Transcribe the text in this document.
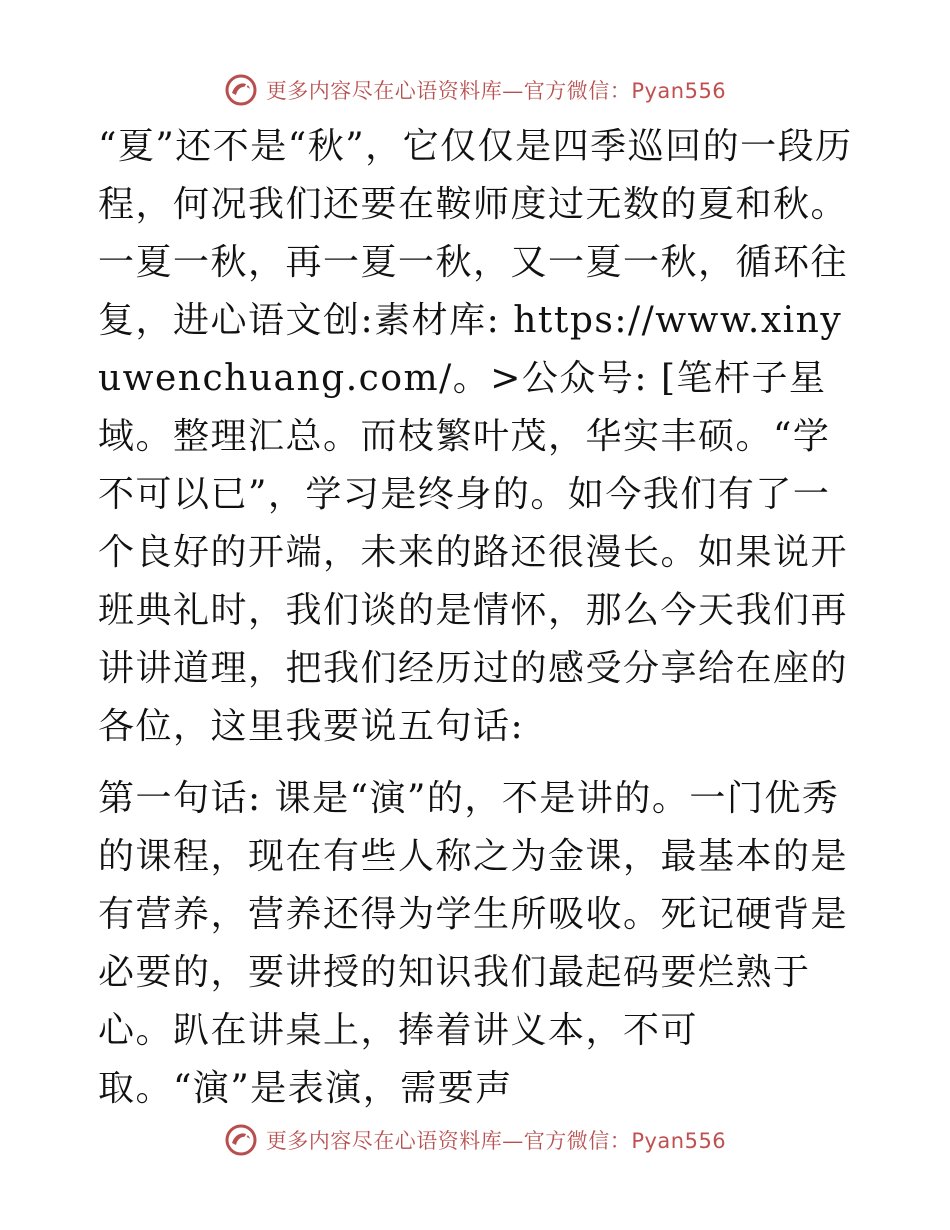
更多内容尽在心语资料库—官方微信：Pyan556

“夏”还不是“秋”，它仅仅是四季巡回的一段历程，何况我们还要在鞍师度过无数的夏和秋。一夏一秋，再一夏一秋，又一夏一秋，循环往复，进心语文创:素材库: https://www.xinyuwenchuang.com/。>公众号: [笔杆子星域。整理汇总。而枝繁叶茂，华实丰硕。“学不可以已”，学习是终身的。如今我们有了一个良好的开端，未来的路还很漫长。如果说开班典礼时，我们谈的是情怀，那么今天我们再讲讲道理，把我们经历过的感受分享给在座的各位，这里我要说五句话:

第一句话: 课是“演”的，不是讲的。一门优秀的课程，现在有些人称之为金课，最基本的是有营养，营养还得为学生所吸收。死记硬背是必要的，要讲授的知识我们最起码要烂熟于心。趴在讲桌上，捧着讲义本，不可取。“演”是表演，需要声

更多内容尽在心语资料库—官方微信：Pyan556
